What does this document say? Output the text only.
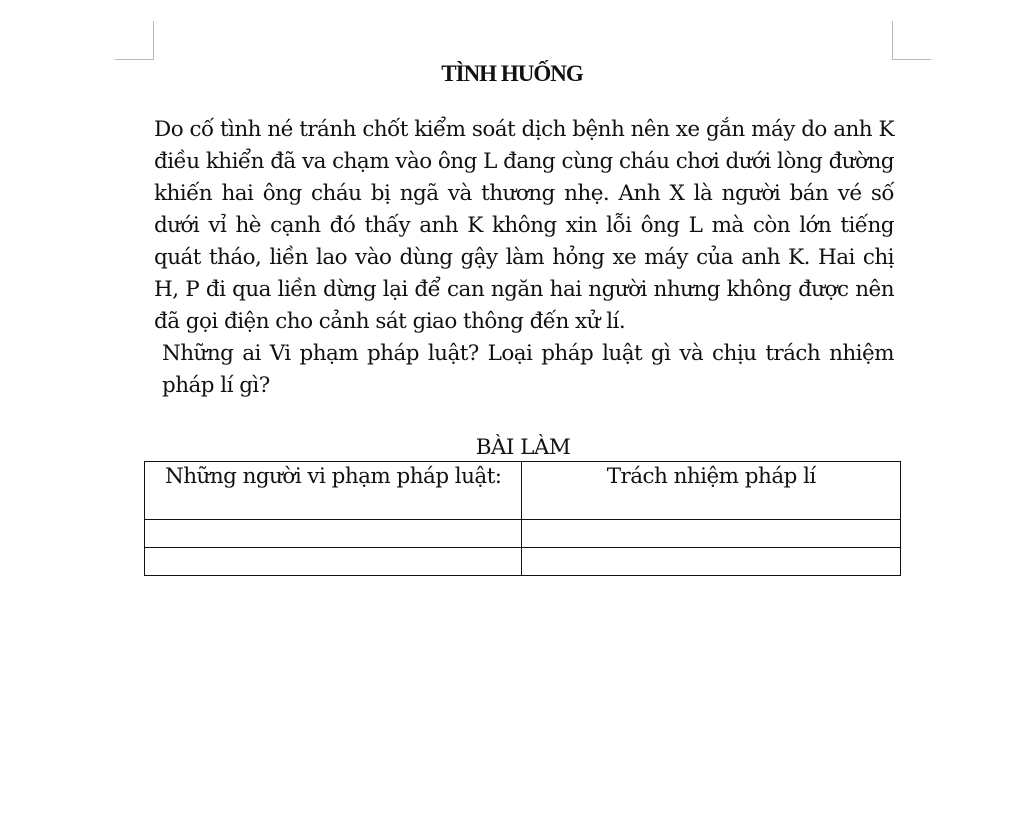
TÌNH HUỐNG

Do cố tình né tránh chốt kiểm soát dịch bệnh nên xe gắn máy do anh K điều khiển đã va chạm vào ông L đang cùng cháu chơi dưới lòng đường khiến hai ông cháu bị ngã và thương nhẹ. Anh X là người bán vé số dưới vỉ hè cạnh đó thấy anh K không xin lỗi ông L mà còn lớn tiếng quát tháo, liền lao vào dùng gậy làm hỏng xe máy của anh K. Hai chị H, P đi qua liền dừng lại để can ngăn hai người nhưng không được nên đã gọi điện cho cảnh sát giao thông đến xử lí.

Những ai Vi phạm pháp luật? Loại pháp luật gì và chịu trách nhiệm pháp lí gì?

BÀI LÀM
Những người vi phạm pháp luật:	Trách nhiệm pháp lí
